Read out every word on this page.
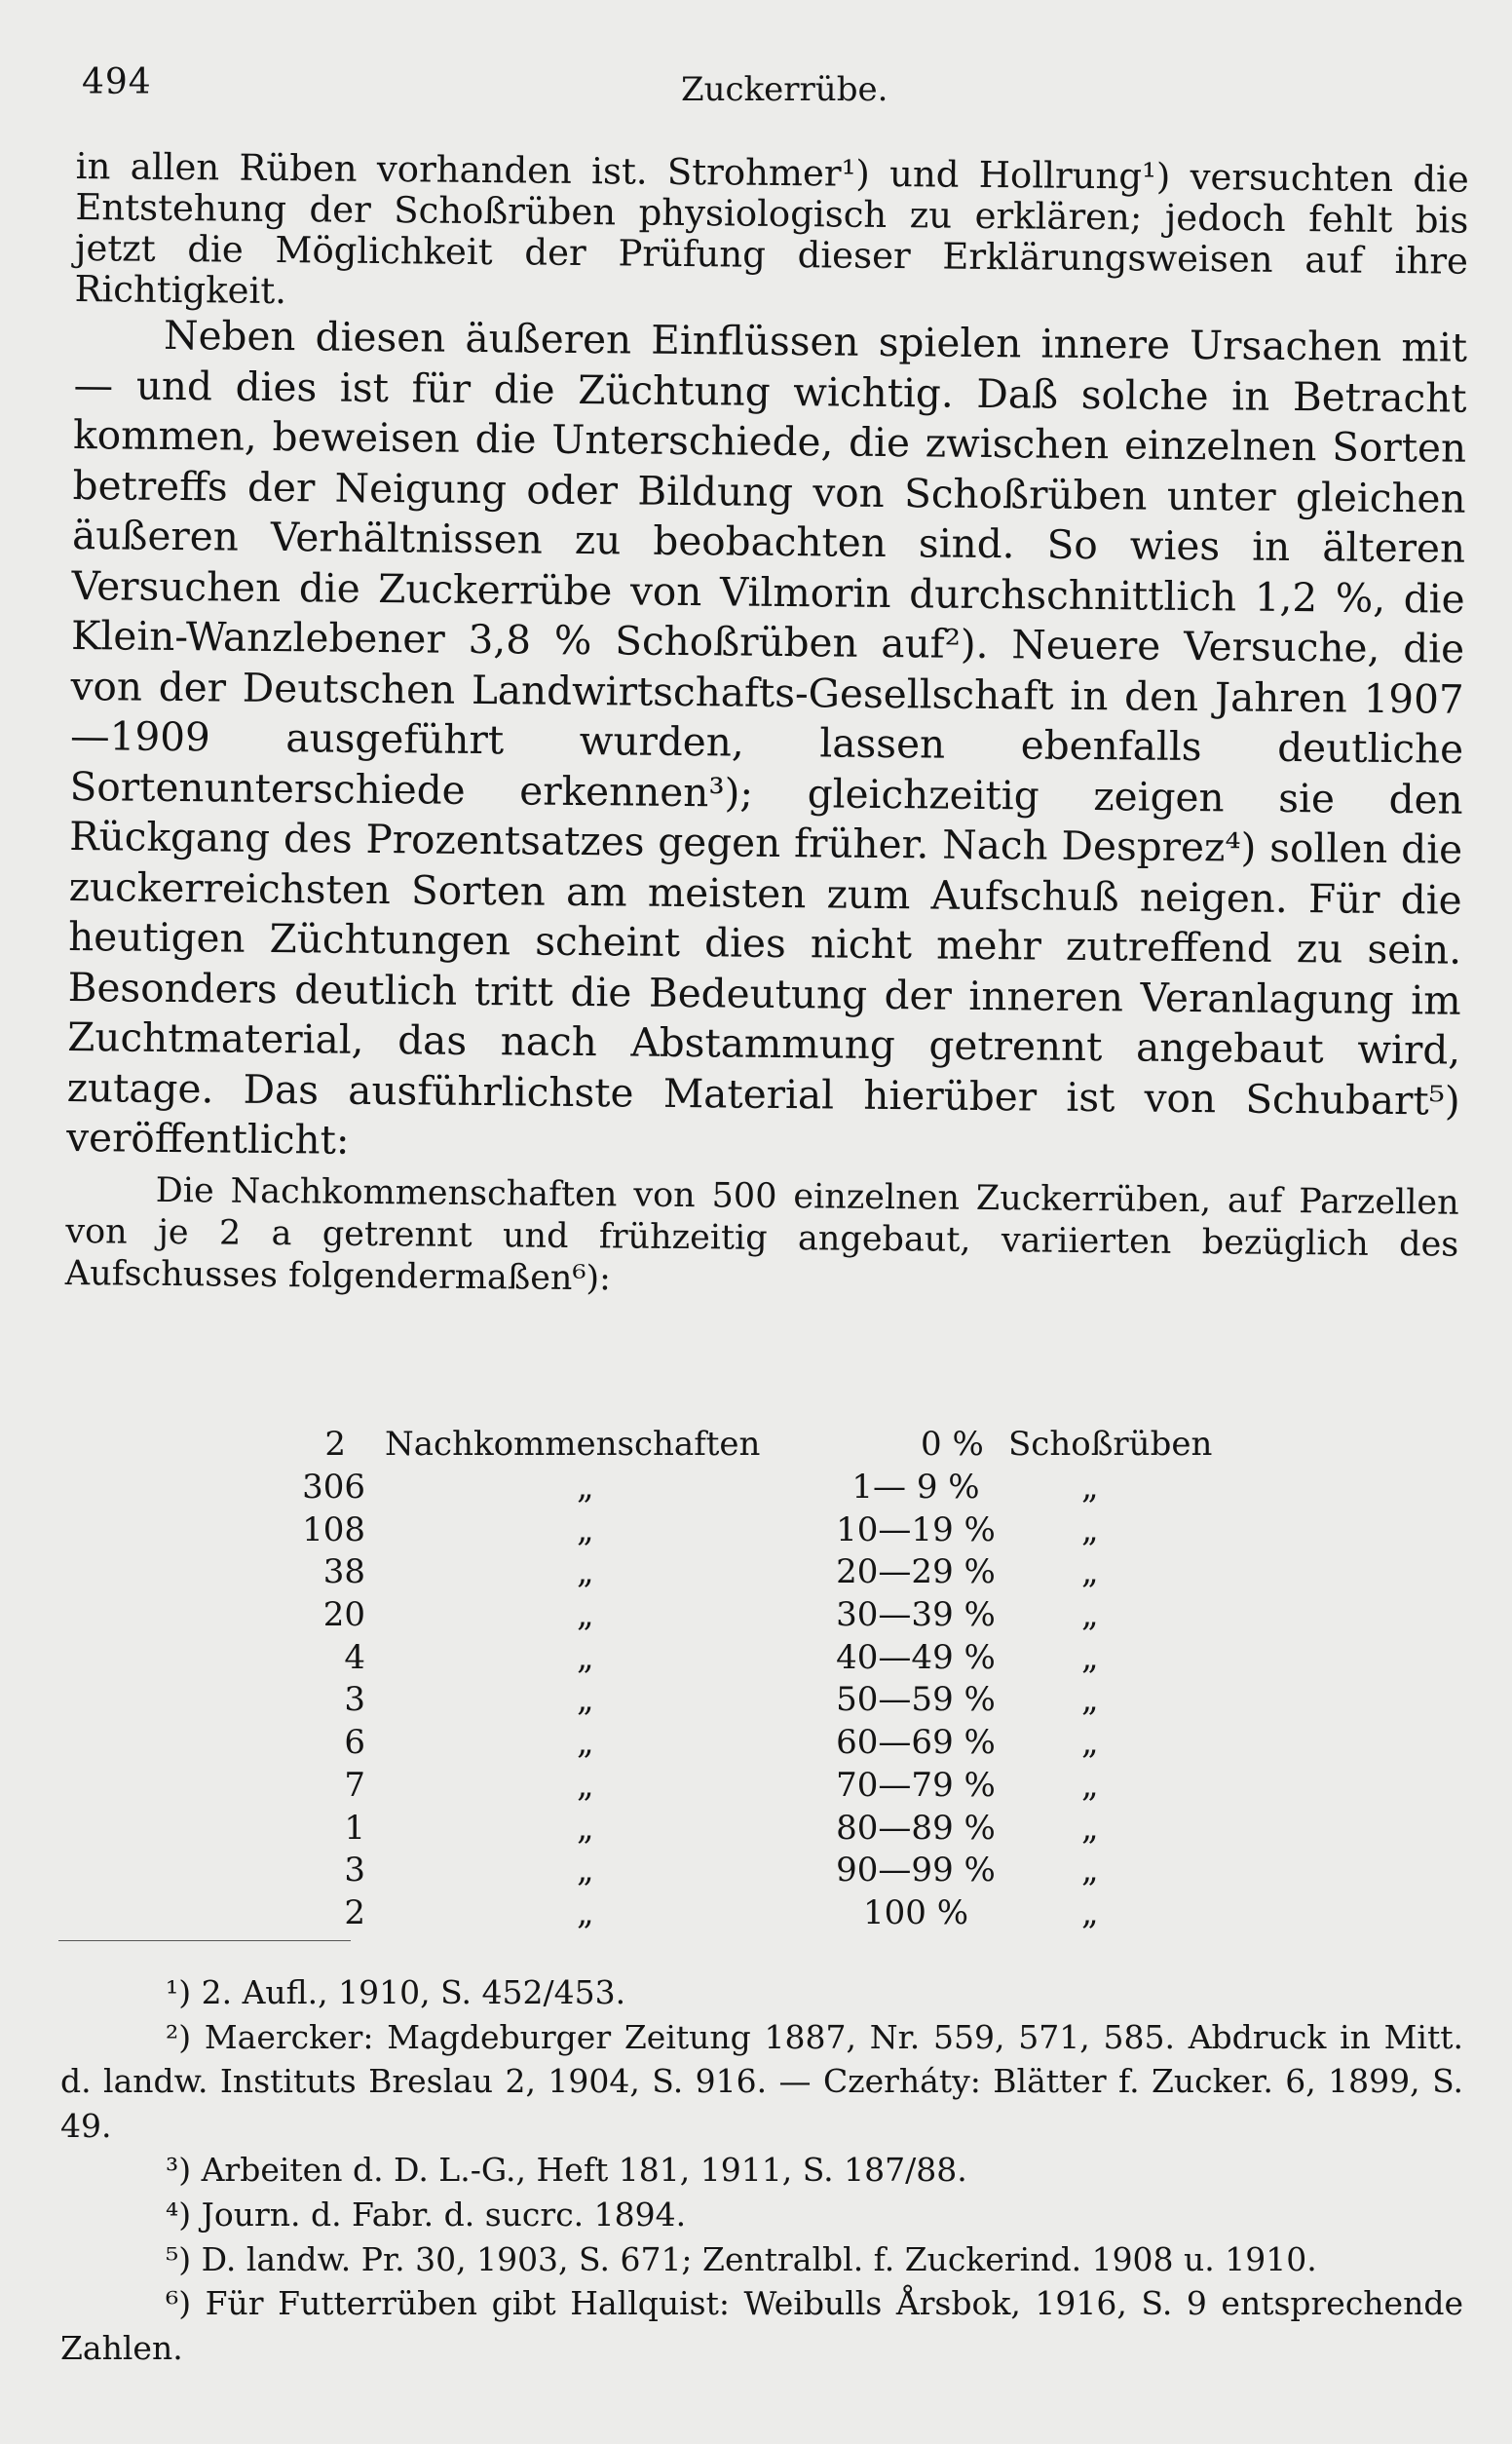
494	Zuckerrübe.

in allen Rüben vorhanden ist. Strohmer¹) und Hollrung¹) versuchten die Entstehung der Schoßrüben physiologisch zu erklären; jedoch fehlt bis jetzt die Möglichkeit der Prüfung dieser Erklärungsweisen auf ihre Richtigkeit.

Neben diesen äußeren Einflüssen spielen innere Ursachen mit — und dies ist für die Züchtung wichtig. Daß solche in Betracht kommen, beweisen die Unterschiede, die zwischen einzelnen Sorten betreffs der Neigung oder Bildung von Schoßrüben unter gleichen äußeren Verhältnissen zu beobachten sind. So wies in älteren Versuchen die Zuckerrübe von Vilmorin durchschnittlich 1,2 %, die Klein-Wanzlebener 3,8 % Schoßrüben auf²). Neuere Versuche, die von der Deutschen Landwirtschafts-Gesellschaft in den Jahren 1907—1909 ausgeführt wurden, lassen ebenfalls deutliche Sortenunterschiede erkennen³); gleichzeitig zeigen sie den Rückgang des Prozentsatzes gegen früher. Nach Desprez⁴) sollen die zuckerreichsten Sorten am meisten zum Aufschuß neigen. Für die heutigen Züchtungen scheint dies nicht mehr zutreffend zu sein. Besonders deutlich tritt die Bedeutung der inneren Veranlagung im Zuchtmaterial, das nach Abstammung getrennt angebaut wird, zutage. Das ausführlichste Material hierüber ist von Schubart⁵) veröffentlicht:

Die Nachkommenschaften von 500 einzelnen Zuckerrüben, auf Parzellen von je 2 a getrennt und frühzeitig angebaut, variierten bezüglich des Aufschusses folgendermaßen⁶):

2 Nachkommenschaften	0 % Schoßrüben
306	„	1— 9 %	„
108	„	10—19 %	„
38	„	20—29 %	„
20	„	30—39 %	„
4	„	40—49 %	„
3	„	50—59 %	„
6	„	60—69 %	„
7	„	70—79 %	„
1	„	80—89 %	„
3	„	90—99 %	„
2	„	100 %	„

¹) 2. Aufl., 1910, S. 452/453.

²) Maercker: Magdeburger Zeitung 1887, Nr. 559, 571, 585. Abdruck in Mitt. d. landw. Instituts Breslau 2, 1904, S. 916. — Czerháty: Blätter f. Zucker. 6, 1899, S. 49.

³) Arbeiten d. D. L.-G., Heft 181, 1911, S. 187/88.

⁴) Journ. d. Fabr. d. sucrc. 1894.

⁵) D. landw. Pr. 30, 1903, S. 671; Zentralbl. f. Zuckerind. 1908 u. 1910.

⁶) Für Futterrüben gibt Hallquist: Weibulls Årsbok, 1916, S. 9 entsprechende Zahlen.
